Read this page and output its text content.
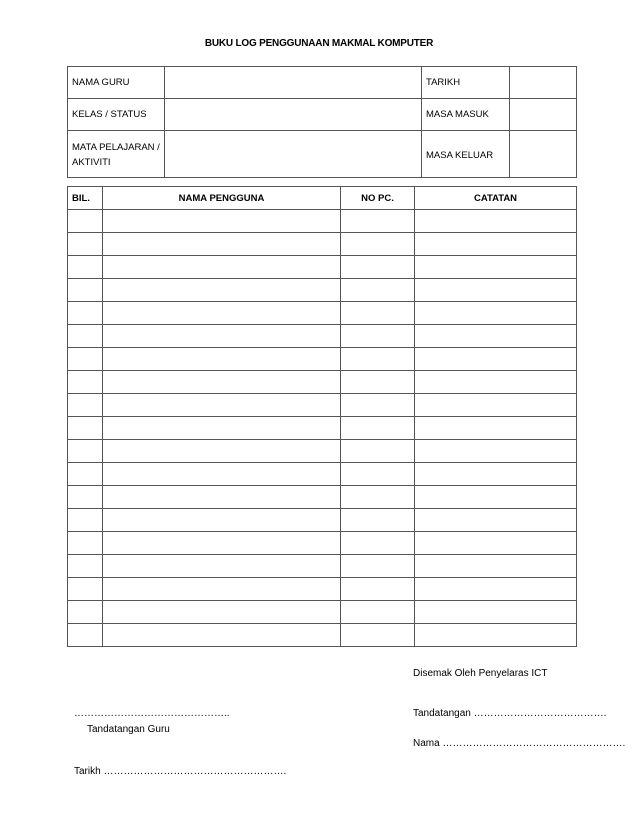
BUKU LOG PENGGUNAAN MAKMAL KOMPUTER
NAMA GURU		TARIKH	
KELAS / STATUS		MASA MASUK	
MATA PELAJARAN / AKTIVITI		MASA KELUAR	
BIL.	NAMA PENGGUNA	NO PC.	CATATAN

Disemak Oleh Penyelaras ICT
………………………………………..
Tandatangan Guru
Tandatangan ………………………………….
Nama ……………………………………………….
Tarikh ……………………………………………….
